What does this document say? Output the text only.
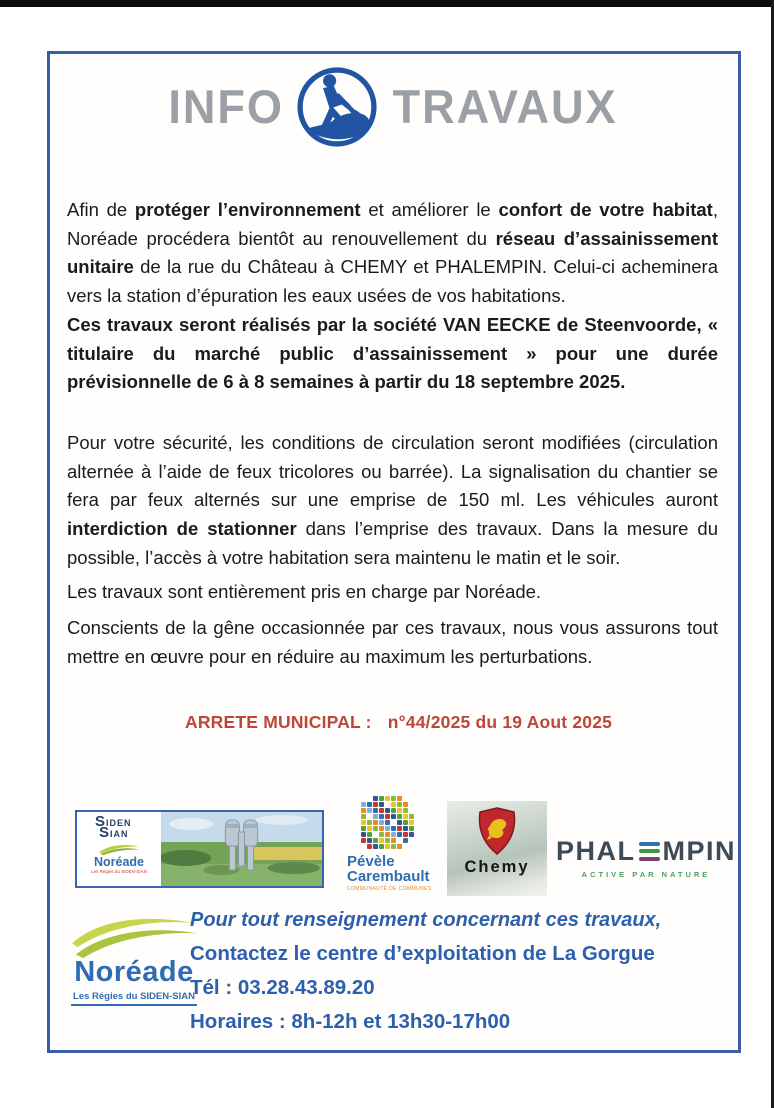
INFO TRAVAUX

Afin de protéger l’environnement et améliorer le confort de votre habitat, Noréade procédera bientôt au renouvellement du réseau d’assainissement unitaire de la rue du Château à CHEMY et PHALEMPIN. Celui-ci acheminera vers la station d’épuration les eaux usées de vos habitations.

Ces travaux seront réalisés par la société VAN EECKE de Steenvoorde, « titulaire du marché public d’assainissement » pour une durée prévisionnelle de 6 à 8 semaines à partir du 18 septembre 2025.

Pour votre sécurité, les conditions de circulation seront modifiées (circulation alternée à l’aide de feux tricolores ou barrée). La signalisation du chantier se fera par feux alternés sur une emprise de 150 ml. Les véhicules auront interdiction de stationner dans l’emprise des travaux. Dans la mesure du possible, l’accès à votre habitation sera maintenu le matin et le soir.

Les travaux sont entièrement pris en charge par Noréade.

Conscients de la gêne occasionnée par ces travaux, nous vous assurons tout mettre en œuvre pour en réduire au maximum les perturbations.

ARRETE MUNICIPAL : n°44/2025 du 19 Aout 2025
SIDEN
SIAN
Noréade
Les Régies du SIDEN-SIAN
Pévèle
Carembault
COMMUNAUTÉ DE COMMUNES
Chemy
PHAL MPIN
ACTIVE PAR NATURE
Noréade
Les Régies du SIDEN-SIAN
Pour tout renseignement concernant ces travaux,
Contactez le centre d’exploitation de La Gorgue
Tél : 03.28.43.89.20
Horaires : 8h-12h et 13h30-17h00
